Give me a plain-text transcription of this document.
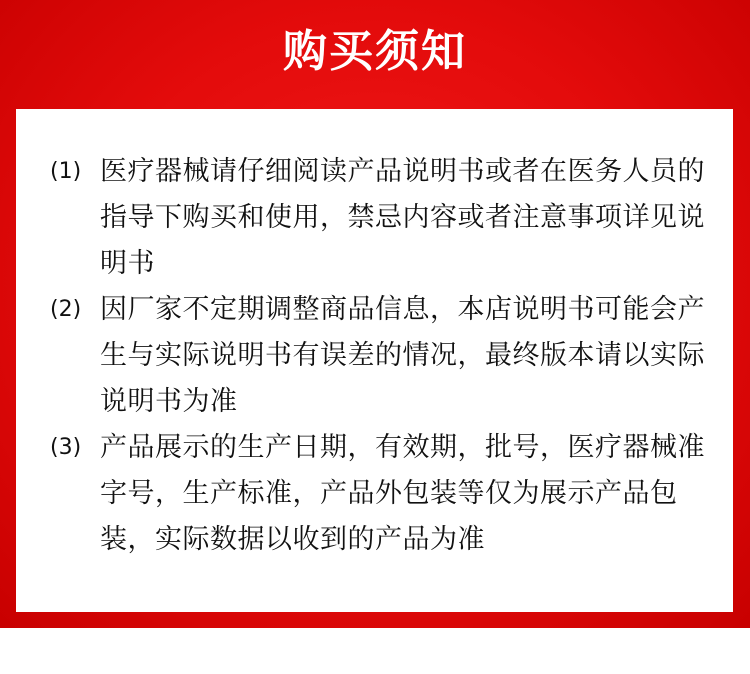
购买须知
(1) 医疗器械请仔细阅读产品说明书或者在医务人员的指导下购买和使用，禁忌内容或者注意事项详见说明书
(2) 因厂家不定期调整商品信息，本店说明书可能会产生与实际说明书有误差的情况，最终版本请以实际说明书为准
(3) 产品展示的生产日期，有效期，批号，医疗器械准字号，生产标准，产品外包装等仅为展示产品包装，实际数据以收到的产品为准
